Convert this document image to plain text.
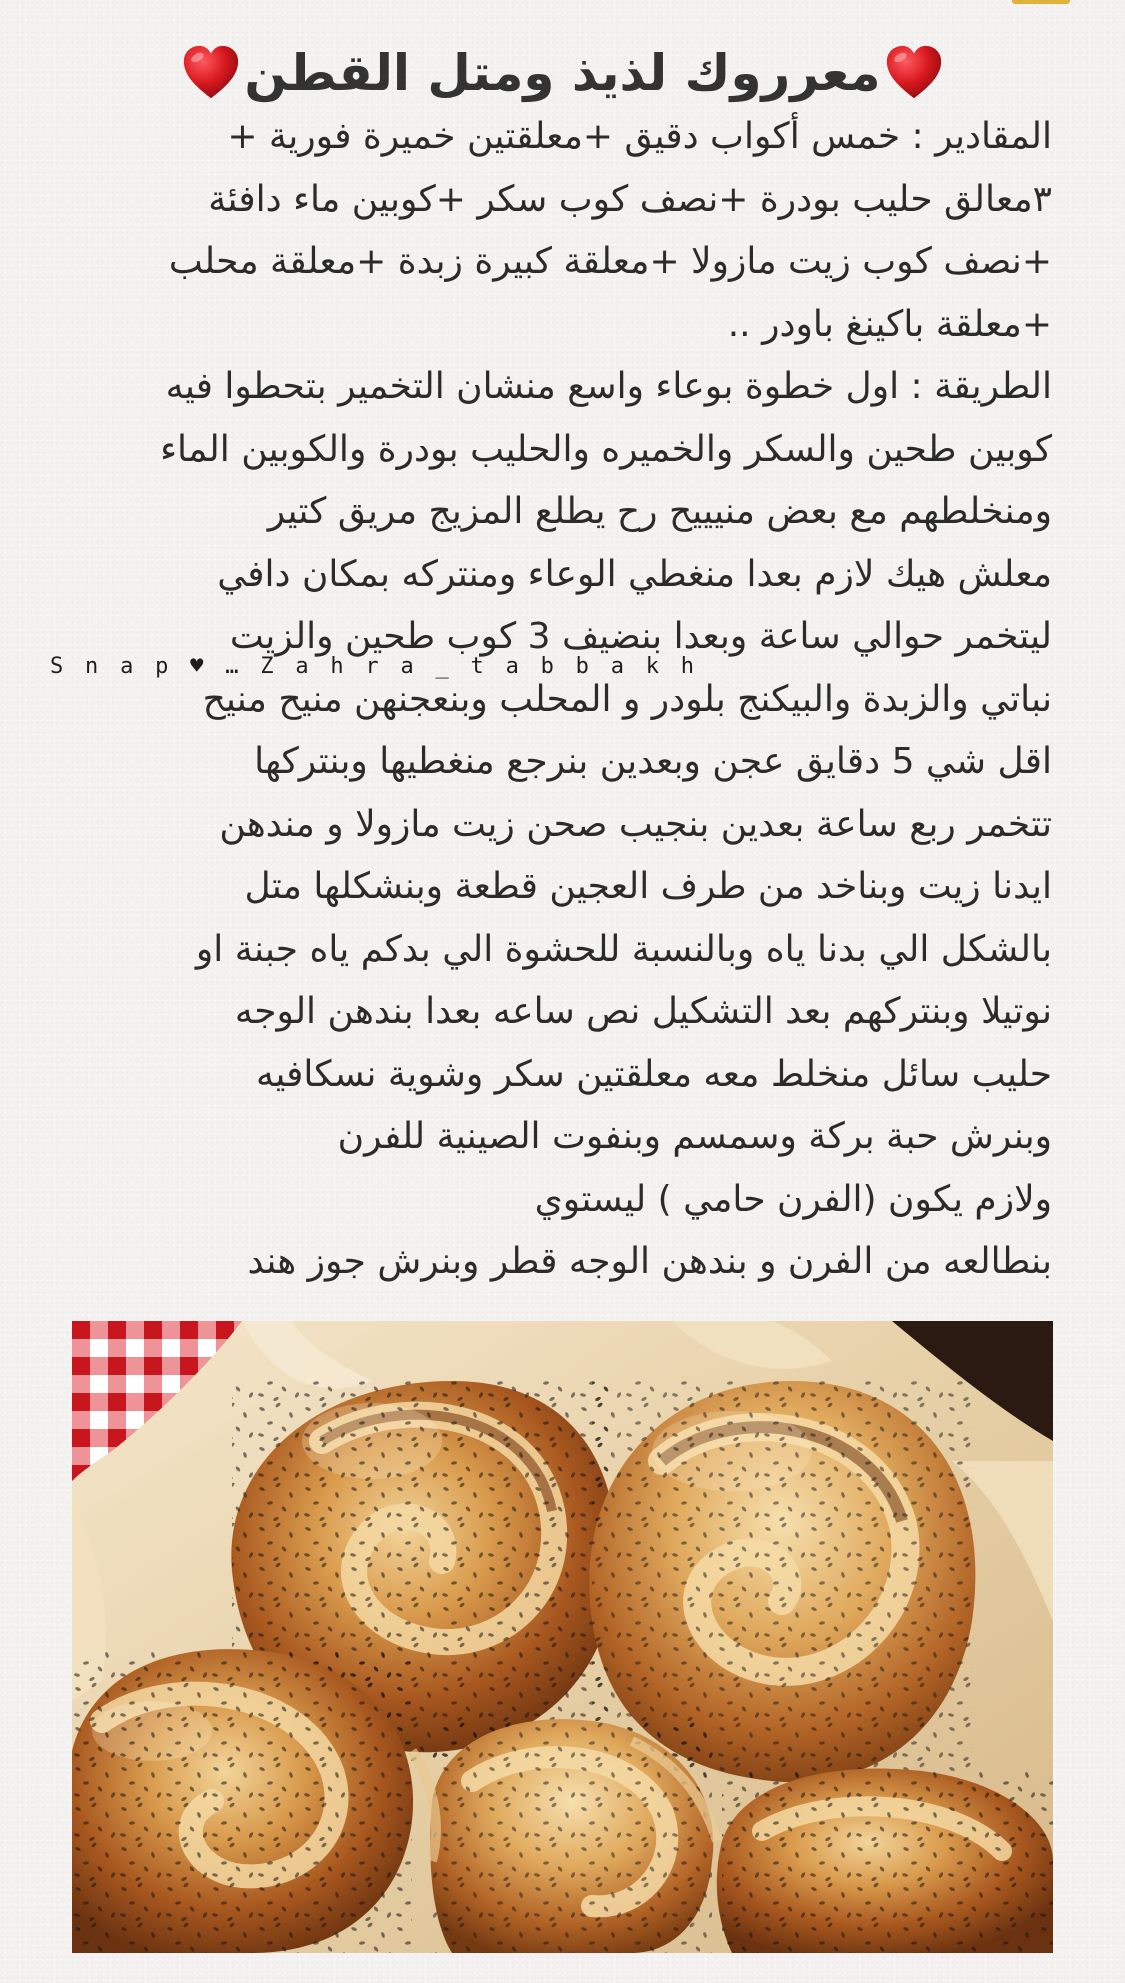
معرروك لذيذ ومتل القطن
المقادير : خمس أكواب دقيق +معلقتين خميرة فورية +
٣معالق حليب بودرة +نصف كوب سكر +كوبين ماء دافئة
+نصف كوب زيت مازولا +معلقة كبيرة زبدة +معلقة محلب
+معلقة باكينغ باودر ..
الطريقة : اول خطوة بوعاء واسع منشان التخمير بتحطوا فيه
كوبين طحين والسكر والخميره والحليب بودرة والكوبين الماء
ومنخلطهم مع بعض منيييح رح يطلع المزيج مريق كتير
معلش هيك لازم بعدا منغطي الوعاء ومنتركه بمكان دافي
ليتخمر حوالي ساعة وبعدا بنضيف 3 كوب طحين والزيت
نباتي والزبدة والبيكنج بلودر و المحلب وبنعجنهن منيح منيح
اقل شي 5 دقايق عجن وبعدين بنرجع منغطيها وبنتركها
تتخمر ربع ساعة بعدين بنجيب صحن زيت مازولا و مندهن
ايدنا زيت وبناخد من طرف العجين قطعة وبنشكلها متل
بالشكل الي بدنا ياه وبالنسبة للحشوة الي بدكم ياه جبنة او
نوتيلا وبنتركهم بعد التشكيل نص ساعه بعدا بندهن الوجه
حليب سائل منخلط معه معلقتين سكر وشوية نسكافيه
وبنرش حبة بركة وسمسم وبنفوت الصينية للفرن
ولازم يكون (الفرن حامي ) ليستوي
بنطالعه من الفرن و بندهن الوجه قطر وبنرش جوز هند
Snap♥…Zahra_tabbakh
